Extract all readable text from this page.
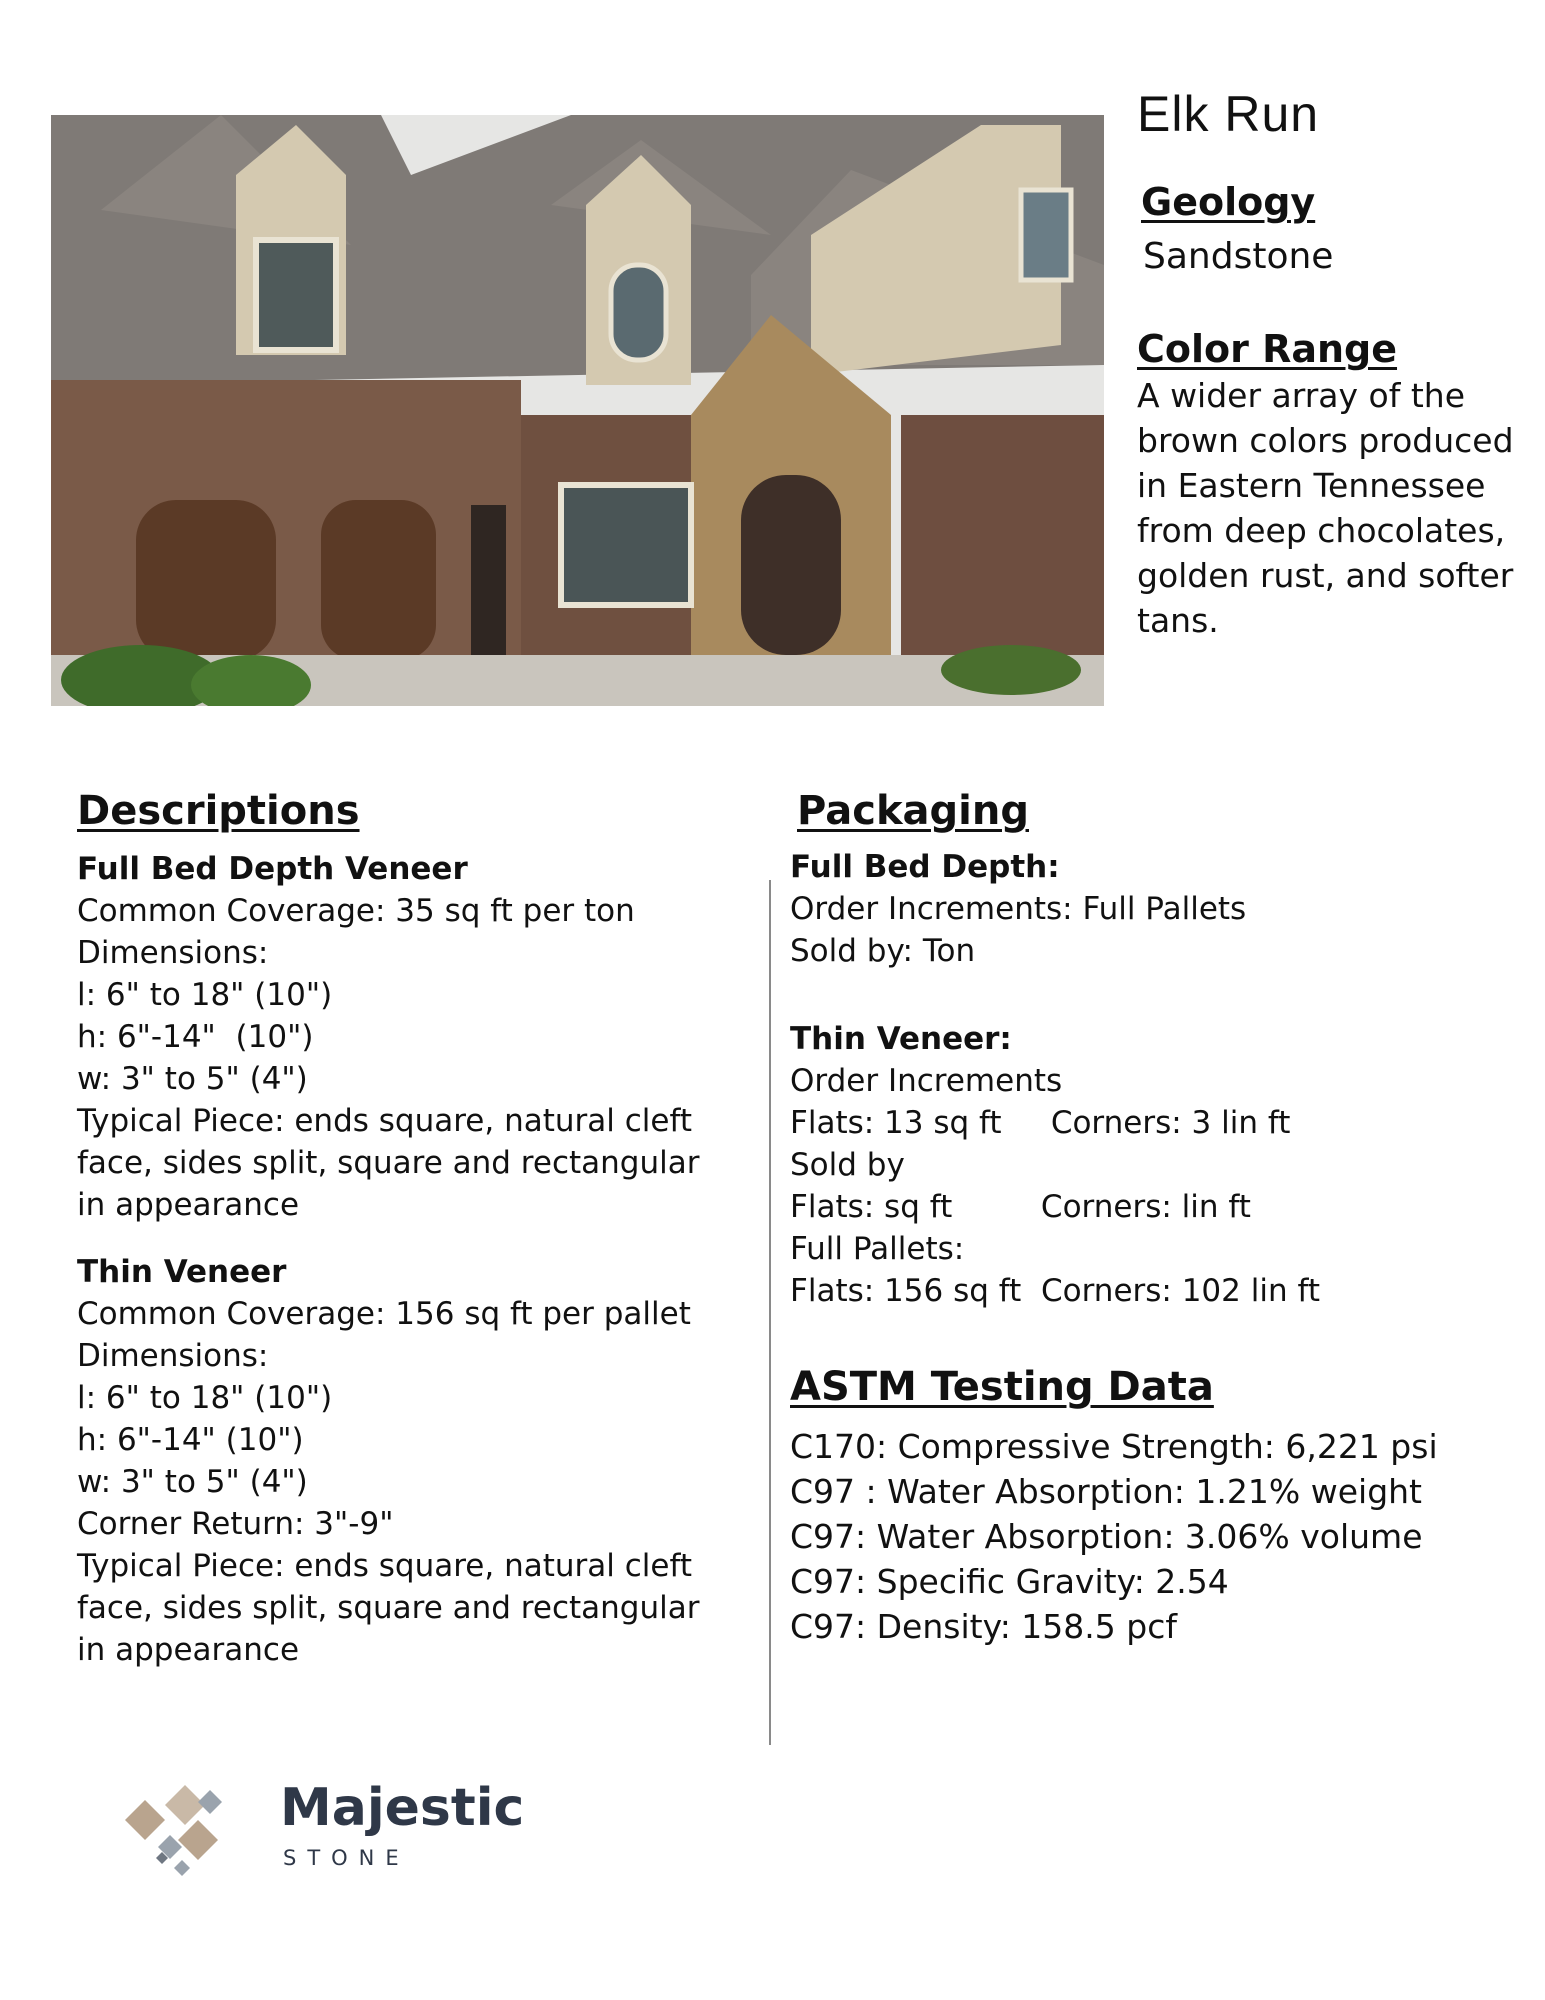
Elk Run
Geology
Sandstone
Color Range
A wider array of the brown colors produced in Eastern Tennessee from deep chocolates, golden rust, and softer tans.
Descriptions
Full Bed Depth Veneer
Common Coverage: 35 sq ft per ton
Dimensions:
l: 6" to 18" (10")
h: 6"-14"  (10")
w: 3" to 5" (4")
Typical Piece: ends square, natural cleft face, sides split, square and rectangular in appearance
Thin Veneer
Common Coverage: 156 sq ft per pallet
Dimensions:
l: 6" to 18" (10")
h: 6"-14" (10")
w: 3" to 5" (4")
Corner Return: 3"-9"
Typical Piece: ends square, natural cleft face, sides split, square and rectangular in appearance
Packaging
Full Bed Depth:
Order Increments: Full Pallets
Sold by: Ton
Thin Veneer:
Order Increments
Flats: 13 sq ft     Corners: 3 lin ft
Sold by
Flats: sq ft         Corners: lin ft
Full Pallets:
Flats: 156 sq ft  Corners: 102 lin ft
ASTM Testing Data
C170: Compressive Strength: 6,221 psi
C97 : Water Absorption: 1.21% weight
C97: Water Absorption: 3.06% volume
C97: Specific Gravity: 2.54
C97: Density: 158.5 pcf
Majestic
STONE
